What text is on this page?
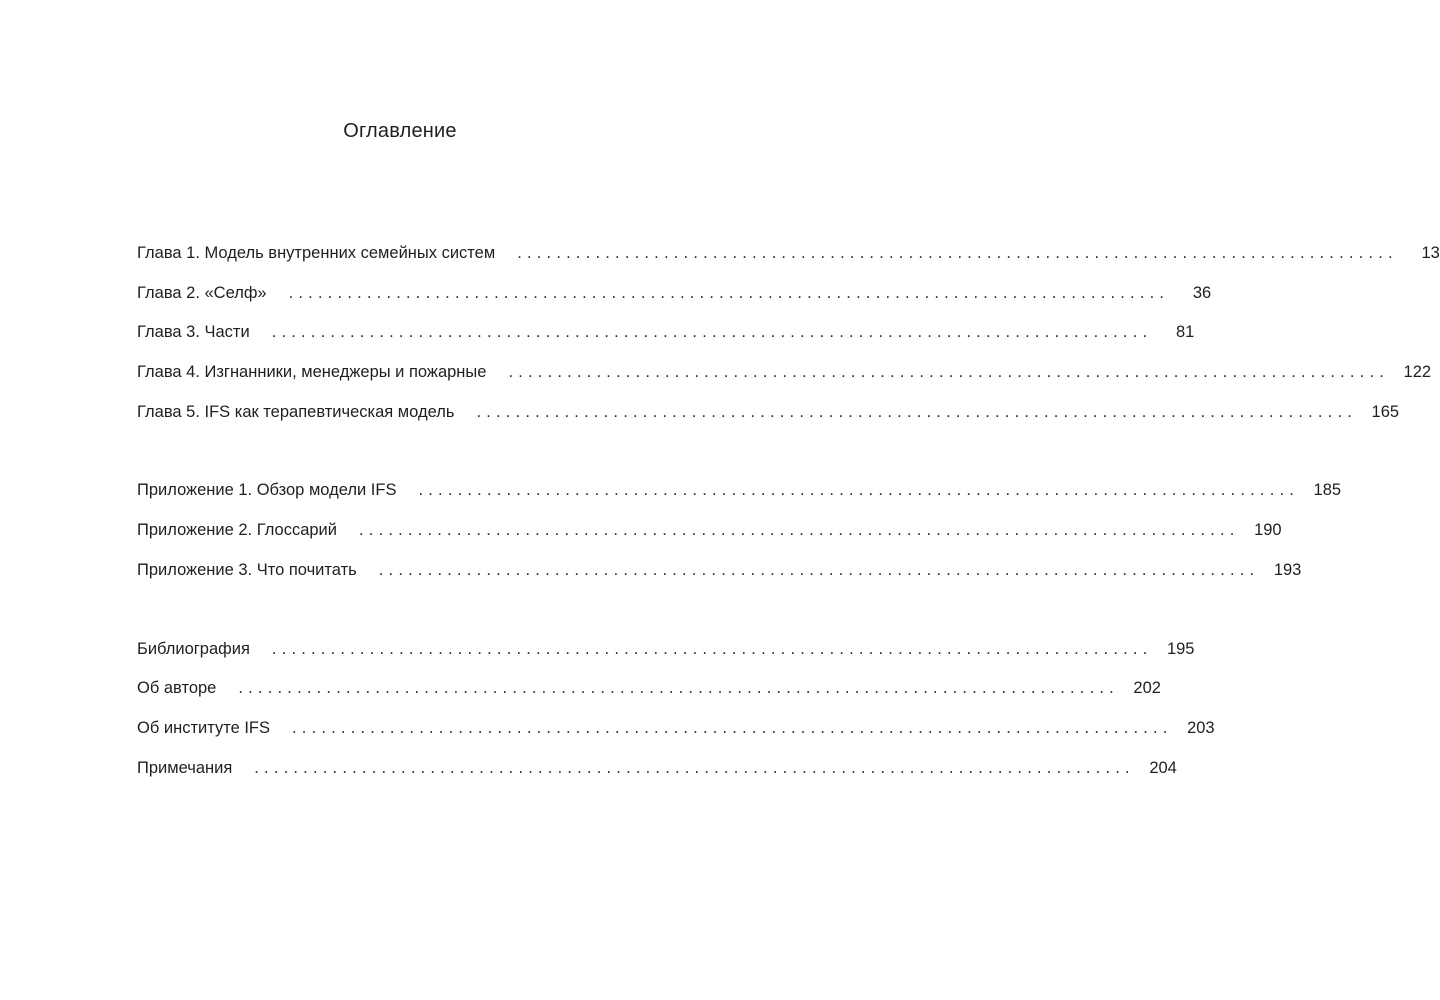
Оглавление
Глава 1. Модель внутренних семейных систем ..........................................................................................	13
Глава 2. «Селф» ..........................................................................................	36
Глава 3. Части ..........................................................................................	81
Глава 4. Изгнанники, менеджеры и пожарные .......................................................................................... 122
Глава 5. IFS как терапевтическая модель .......................................................................................... 165
Приложение 1. Обзор модели IFS .......................................................................................... 185
Приложение 2. Глоссарий .......................................................................................... 190
Приложение 3. Что почитать .......................................................................................... 193
Библиография .......................................................................................... 195
Об авторе .......................................................................................... 202
Об институте IFS .......................................................................................... 203
Примечания .......................................................................................... 204
